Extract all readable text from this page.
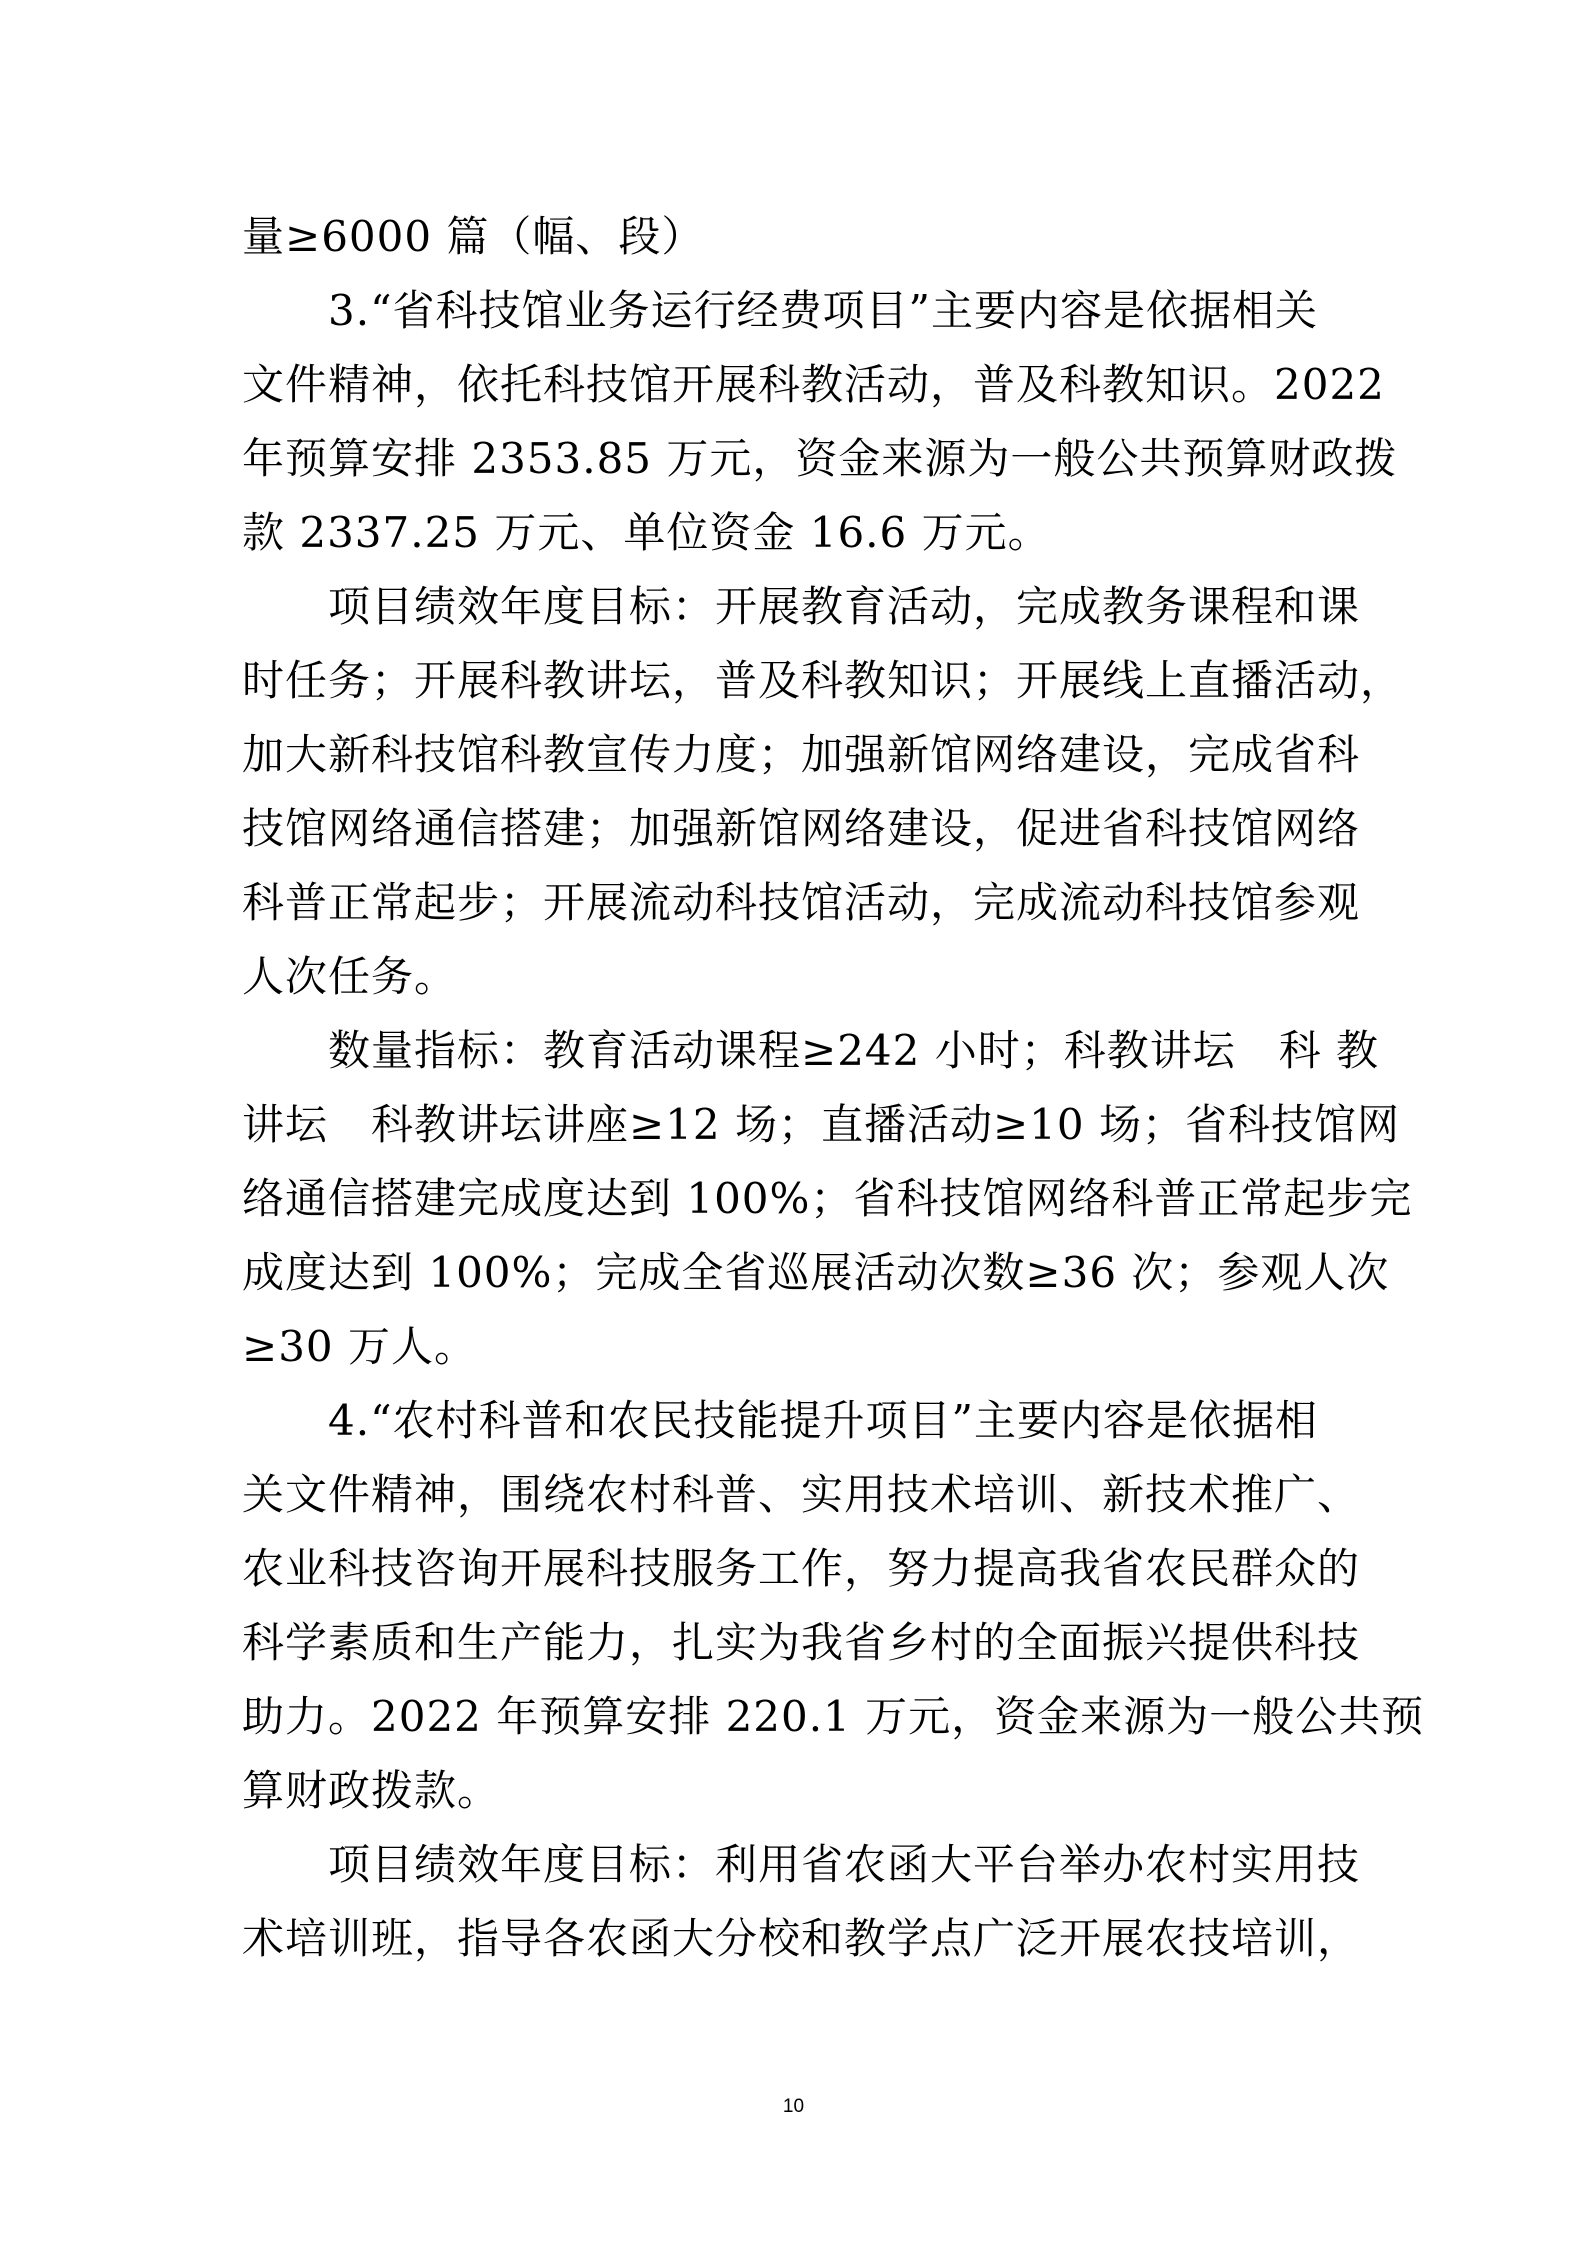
量≥6000 篇（幅、段）
　　3.“省科技馆业务运行经费项目”主要内容是依据相关
文件精神，依托科技馆开展科教活动，普及科教知识。2022
年预算安排 2353.85 万元，资金来源为一般公共预算财政拨
款 2337.25 万元、单位资金 16.6 万元。
　　项目绩效年度目标：开展教育活动，完成教务课程和课
时任务；开展科教讲坛，普及科教知识；开展线上直播活动，
加大新科技馆科教宣传力度；加强新馆网络建设，完成省科
技馆网络通信搭建；加强新馆网络建设，促进省科技馆网络
科普正常起步；开展流动科技馆活动，完成流动科技馆参观
人次任务。
　　数量指标：教育活动课程≥242 小时；科教讲坛　科 教
讲坛　科教讲坛讲座≥12 场；直播活动≥10 场；省科技馆网
络通信搭建完成度达到 100%；省科技馆网络科普正常起步完
成度达到 100%；完成全省巡展活动次数≥36 次；参观人次
≥30 万人。
　　4.“农村科普和农民技能提升项目”主要内容是依据相
关文件精神，围绕农村科普、实用技术培训、新技术推广、
农业科技咨询开展科技服务工作，努力提高我省农民群众的
科学素质和生产能力，扎实为我省乡村的全面振兴提供科技
助力。2022 年预算安排 220.1 万元，资金来源为一般公共预
算财政拨款。
　　项目绩效年度目标：利用省农函大平台举办农村实用技
术培训班，指导各农函大分校和教学点广泛开展农技培训，
10
